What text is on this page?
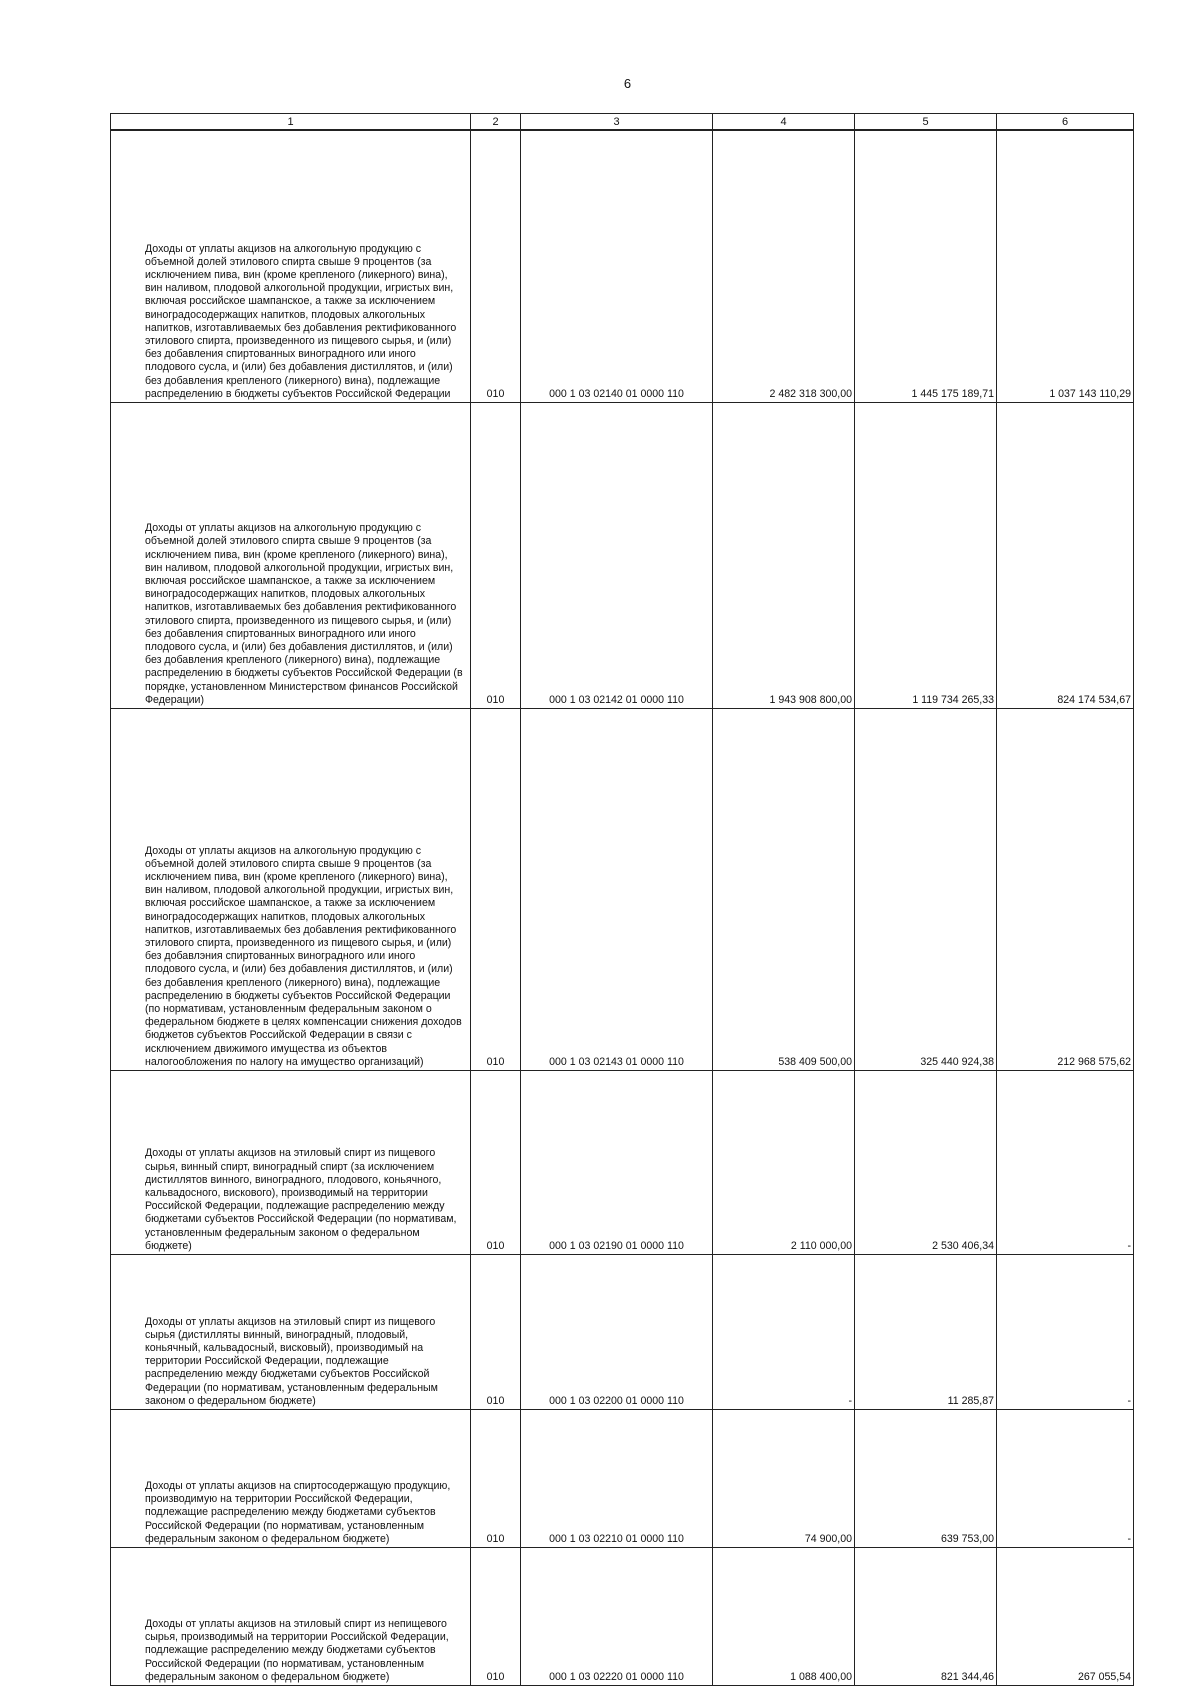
6
1	2	3	4	5	6
Доходы от уплаты акцизов на алкогольную продукцию с объемной долей этилового спирта свыше 9 процентов (за исключением пива, вин (кроме крепленого (ликерного) вина), вин наливом, плодовой алкогольной продукции, игристых вин, включая российское шампанское, а также за исключением виноградосодержащих напитков, плодовых алкогольных напитков, изготавливаемых без добавления ректификованного этилового спирта, произведенного из пищевого сырья, и (или) без добавления спиртованных виноградного или иного плодового сусла, и (или) без добавления дистиллятов, и (или) без добавления крепленого (ликерного) вина), подлежащие распределению в бюджеты субъектов Российской Федерации	010	000 1 03 02140 01 0000 110	2 482 318 300,00	1 445 175 189,71	1 037 143 110,29
Доходы от уплаты акцизов на алкогольную продукцию с объемной долей этилового спирта свыше 9 процентов (за исключением пива, вин (кроме крепленого (ликерного) вина), вин наливом, плодовой алкогольной продукции, игристых вин, включая российское шампанское, а также за исключением виноградосодержащих напитков, плодовых алкогольных напитков, изготавливаемых без добавления ректификованного этилового спирта, произведенного из пищевого сырья, и (или) без добавления спиртованных виноградного или иного плодового сусла, и (или) без добавления дистиллятов, и (или) без добавления крепленого (ликерного) вина), подлежащие распределению в бюджеты субъектов Российской Федерации (в порядке, установленном Министерством финансов Российской Федерации)	010	000 1 03 02142 01 0000 110	1 943 908 800,00	1 119 734 265,33	824 174 534,67
Доходы от уплаты акцизов на алкогольную продукцию с объемной долей этилового спирта свыше 9 процентов (за исключением пива, вин (кроме крепленого (ликерного) вина), вин наливом, плодовой алкогольной продукции, игристых вин, включая российское шампанское, а также за исключением виноградосодержащих напитков, плодовых алкогольных напитков, изготавливаемых без добавления ректификованного этилового спирта, произведенного из пищевого сырья, и (или) без добавлэния спиртованных виноградного или иного плодового сусла, и (или) без добавления дистиллятов, и (или) без добавления крепленого (ликерного) вина), подлежащие распределению в бюджеты субъектов Российской Федерации (по нормативам, установленным федеральным законом о федеральном бюджете в целях компенсации снижения доходов бюджетов субъектов Российской Федерации в связи с исключением движимого имущества из объектов налогообложения по налогу на имущество организаций)	010	000 1 03 02143 01 0000 110	538 409 500,00	325 440 924,38	212 968 575,62
Доходы от уплаты акцизов на этиловый спирт из пищевого сырья, винный спирт, виноградный спирт (за исключением дистиллятов винного, виноградного, плодового, коньячного, кальвадосного, вискового), производимый на территории Российской Федерации, подлежащие распределению между бюджетами субъектов Российской Федерации (по нормативам, установленным федеральным законом о федеральном бюджете)	010	000 1 03 02190 01 0000 110	2 110 000,00	2 530 406,34	-
Доходы от уплаты акцизов на этиловый спирт из пищевого сырья (дистилляты винный, виноградный, плодовый, коньячный, кальвадосный, висковый), производимый на территории Российской Федерации, подлежащие распределению между бюджетами субъектов Российской Федерации (по нормативам, установленным федеральным законом о федеральном бюджете)	010	000 1 03 02200 01 0000 110	-	11 285,87	-
Доходы от уплаты акцизов на спиртосодержащую продукцию, производимую на территории Российской Федерации, подлежащие распределению между бюджетами субъектов Российской Федерации (по нормативам, установленным федеральным законом о федеральном бюджете)	010	000 1 03 02210 01 0000 110	74 900,00	639 753,00	-
Доходы от уплаты акцизов на этиловый спирт из непищевого сырья, производимый на территории Российской Федерации, подлежащие распределению между бюджетами субъектов Российской Федерации (по нормативам, установленным федеральным законом о федеральном бюджете)	010	000 1 03 02220 01 0000 110	1 088 400,00	821 344,46	267 055,54
